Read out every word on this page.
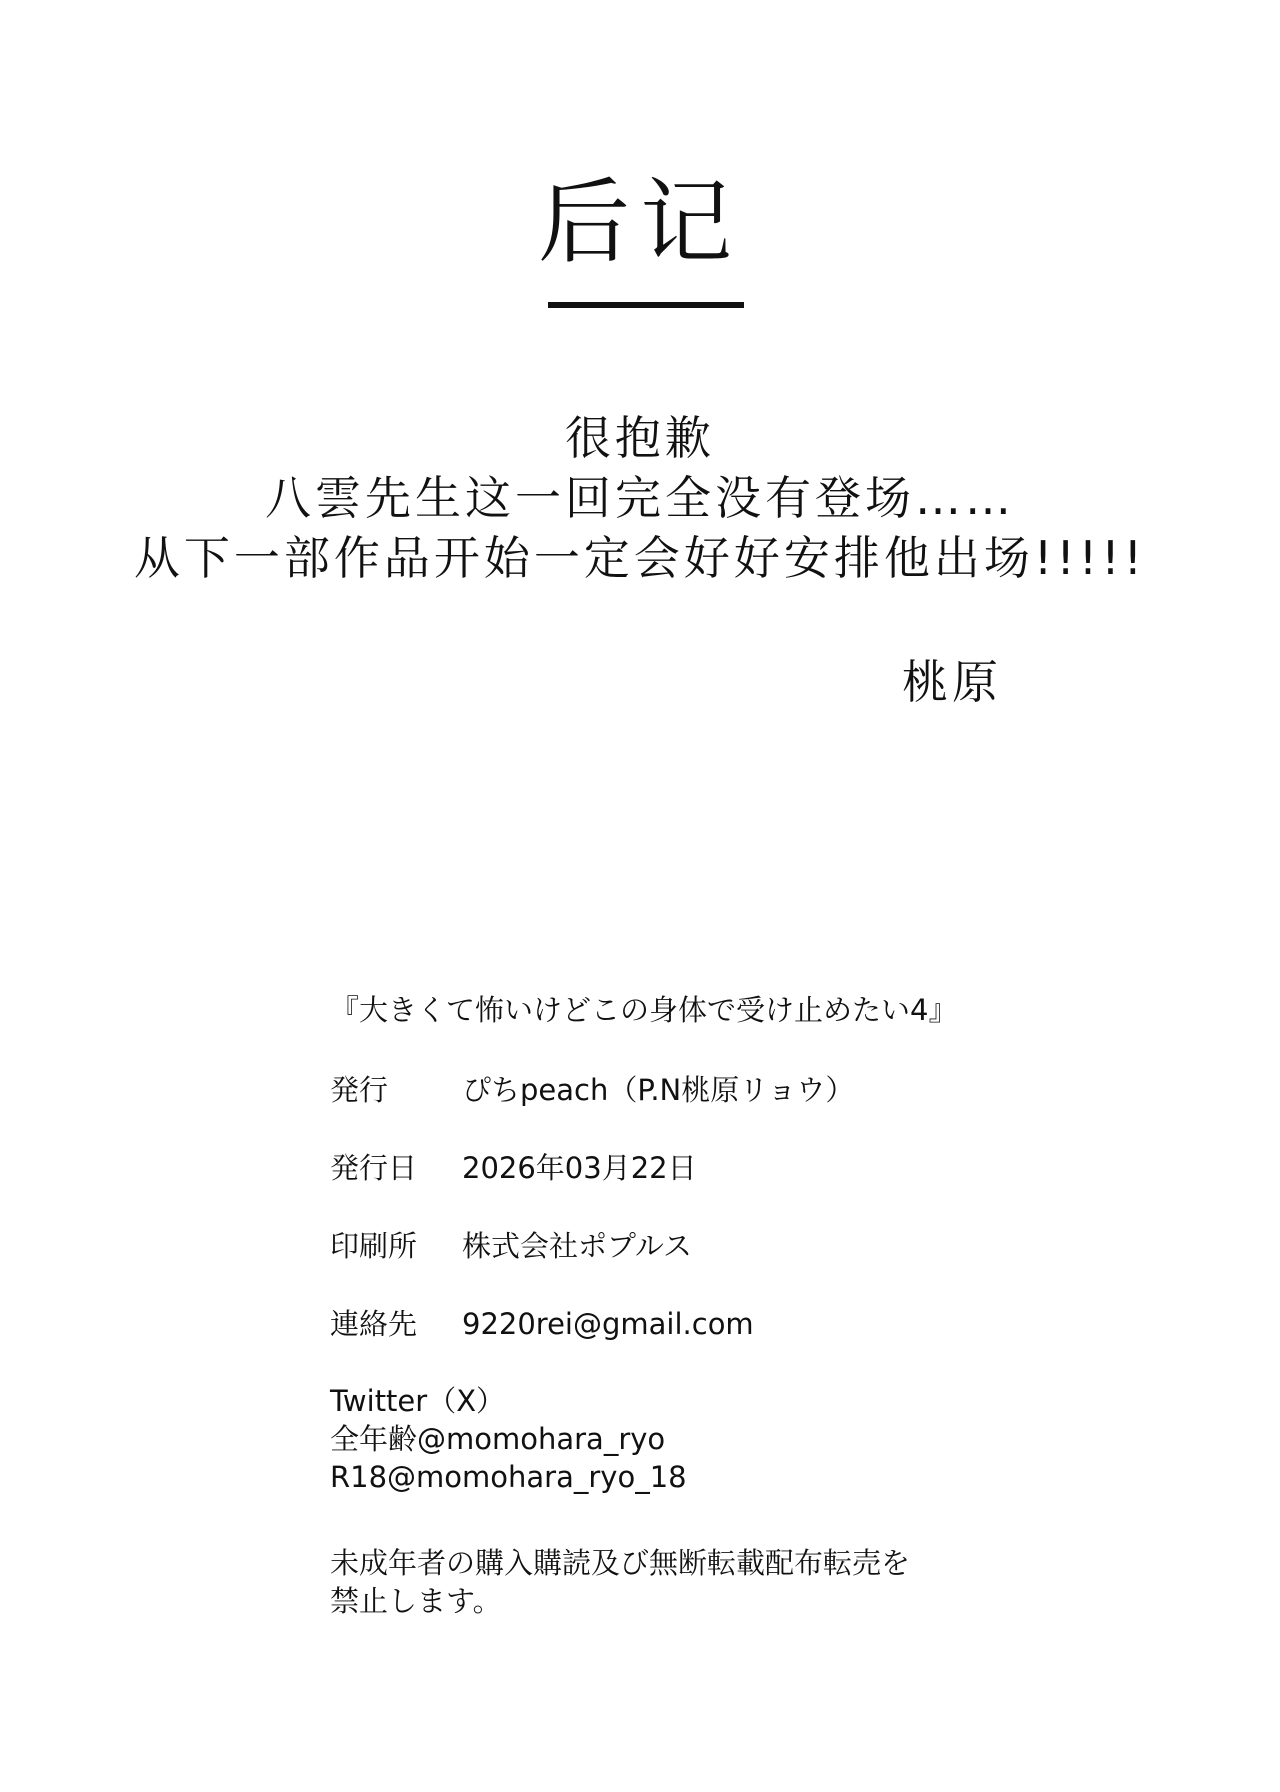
后记
很抱歉
八雲先生这一回完全没有登场……
从下一部作品开始一定会好好安排他出场!!!!!
桃原
『大きくて怖いけどこの身体で受け止めたい4』
発行	ぴちpeach（P.N桃原リョウ）
発行日 2026年03月22日
印刷所 株式会社ポプルス
連絡先 9220rei@gmail.com
Twitter（X）
全年齢@momohara_ryo
R18@momohara_ryo_18
未成年者の購入購読及び無断転載配布転売を
禁止します。
